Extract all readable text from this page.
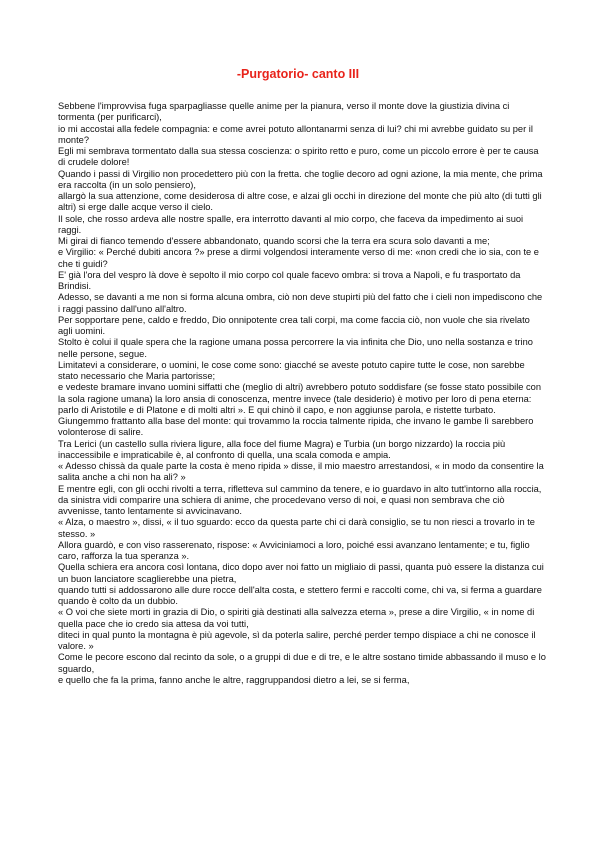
-Purgatorio- canto III

Sebbene l'improvvisa fuga sparpagliasse quelle anime per la pianura, verso il monte dove la giustizia divina ci tormenta (per purificarci),

io mi accostai alla fedele compagnia: e come avrei potuto allontanarmi senza di lui? chi mi avrebbe guidato su per il monte?

Egli mi sembrava tormentato dalla sua stessa coscienza: o spirito retto e puro, come un piccolo errore è per te causa di crudele dolore!

Quando i passi di Virgilio non procedettero più con la fretta. che toglie decoro ad ogni azione, la mia mente, che prima era raccolta (in un solo pensiero),

allargò la sua attenzione, come desiderosa di altre cose, e alzai gli occhi in direzione del monte che più alto (di tutti gli altri) si erge dalle acque verso il cielo.

Il sole, che rosso ardeva alle nostre spalle, era interrotto davanti al mio corpo, che faceva da impedimento ai suoi raggi.

Mi girai di fianco temendo d'essere abbandonato, quando scorsi che la terra era scura solo davanti a me;

e Virgilio: « Perché dubiti ancora ?» prese a dirmi volgendosi interamente verso di me: «non credi che io sia, con te e che ti guidi?

E' già l'ora del vespro là dove è sepolto il mio corpo col quale facevo ombra: si trova a Napoli, e fu trasportato da Brindisi.

Adesso, se davanti a me non si forma alcuna ombra, ciò non deve stupirti più del fatto che i cieli non impediscono che i raggi passino dall'uno all'altro.

Per sopportare pene, caldo e freddo, Dio onnipotente crea tali corpi, ma come faccia ciò, non vuole che sia rivelato agli uomini.

Stolto è colui il quale spera che la ragione umana possa percorrere la via infinita che Dio, uno nella sostanza e trino nelle persone, segue.

Limitatevi a considerare, o uomini, le cose come sono: giacché se aveste potuto capire tutte le cose, non sarebbe stato necessario che Maria partorisse;

e vedeste bramare invano uomini siffatti che (meglio di altri) avrebbero potuto soddisfare (se fosse stato possibile con la sola ragione umana) la loro ansia di conoscenza, mentre invece (tale desiderio) è motivo per loro di pena eterna:

parlo di Aristotile e di Platone e di molti altri ». E qui chinò il capo, e non aggiunse parola, e ristette turbato. Giungemmo frattanto alla base del monte: qui trovammo la roccia talmente ripida, che invano le gambe lì sarebbero volonterose di salire.

Tra Lerici (un castello sulla riviera ligure, alla foce del fiume Magra) e Turbia (un borgo nizzardo) la roccia più inaccessibile e impraticabile è, al confronto di quella, una scala comoda e ampia.

« Adesso chissà da quale parte la costa è meno ripida » disse, il mio maestro arrestandosi, « in modo da consentire la salita anche a chi non ha ali? »

E mentre egli, con gli occhi rivolti a terra, rifletteva sul cammino da tenere, e io guardavo in alto tutt'intorno alla roccia,

da sinistra vidi comparire una schiera di anime, che procedevano verso di noi, e quasi non sembrava che ciò avvenisse, tanto lentamente si avvicinavano.

« Alza, o maestro », dissi, « il tuo sguardo: ecco da questa parte chi ci darà consiglio, se tu non riesci a trovarlo in te stesso. »

Allora guardò, e con viso rasserenato, rispose: « Avviciniamoci a loro, poiché essi avanzano lentamente; e tu, figlio caro, rafforza la tua speranza ».

Quella schiera era ancora così lontana, dico dopo aver noi fatto un migliaio di passi, quanta può essere la distanza cui un buon lanciatore scaglierebbe una pietra,

quando tutti si addossarono alle dure rocce dell'alta costa, e stettero fermi e raccolti come, chi va, si ferma a guardare quando è colto da un dubbio.

« O voi che siete morti in grazia di Dio, o spiriti già destinati alla salvezza eterna », prese a dire Virgilio, « in nome di quella pace che io credo sia attesa da voi tutti,

diteci in qual punto la montagna è più agevole, sì da poterla salire, perché perder tempo dispiace a chi ne conosce il valore. »

Come le pecore escono dal recinto da sole, o a gruppi di due e di tre, e le altre sostano timide abbassando il muso e lo sguardo,

e quello che fa la prima, fanno anche le altre, raggruppandosi dietro a lei, se si ferma,
